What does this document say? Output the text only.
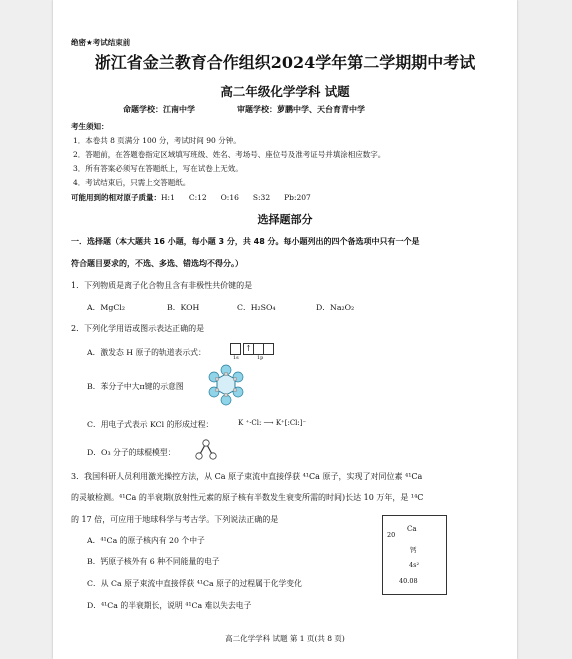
绝密★考试结束前
浙江省金兰教育合作组织2024学年第二学期期中考试
高二年级化学学科 试题
命题学校：江南中学	审题学校：萝鹏中学、天台育青中学
考生须知：
1．本卷共 8 页满分 100 分，考试时间 90 分钟。
2．答题前，在答题卷指定区域填写班级、姓名、考场号、座位号及准考证号并填涂相应数字。
3．所有答案必须写在答题纸上，写在试卷上无效。
4．考试结束后，只需上交答题纸。
可能用到的相对原子质量：H:1 C:12 O:16 S:32 Pb:207
选择题部分
一．选择题（本大题共 16 小题，每小题 3 分，共 48 分。每小题列出的四个备选项中只有一个是
符合题目要求的，不选、多选、错选均不得分。）
1．下列物质是离子化合物且含有非极性共价键的是
A．MgCl₂	B．KOH	C．H₂SO₄	D．Na₂O₂
2．下列化学用语或图示表达正确的是
A．激发态 H 原子的轨道表示式：	↑
1s	1p
B．苯分子中大π键的示意图
C．用电子式表示 KCl 的形成过程：	K ⁺·Cl: ⟶ K⁺[:Cl:]⁻
D．O₃ 分子的球棍模型：
3．我国科研人员利用激光操控方法，从 Ca 原子束流中直接俘获 ⁴¹Ca 原子，实现了对同位素 ⁴¹Ca
的灵敏检测。⁴¹Ca 的半衰期(放射性元素的原子核有半数发生衰变所需的时间)长达 10 万年，是 ¹⁴C
的 17 倍，可应用于地球科学与考古学。下列说法正确的是
A．⁴¹Ca 的原子核内有 20 个中子
B．钙原子核外有 6 种不同能量的电子
C．从 Ca 原子束流中直接俘获 ⁴¹Ca 原子的过程属于化学变化
D．⁴¹Ca 的半衰期长，说明 ⁴¹Ca 难以失去电子
20
Ca
钙
4s²
40.08
高二化学学科 试题 第 1 页(共 8 页)
